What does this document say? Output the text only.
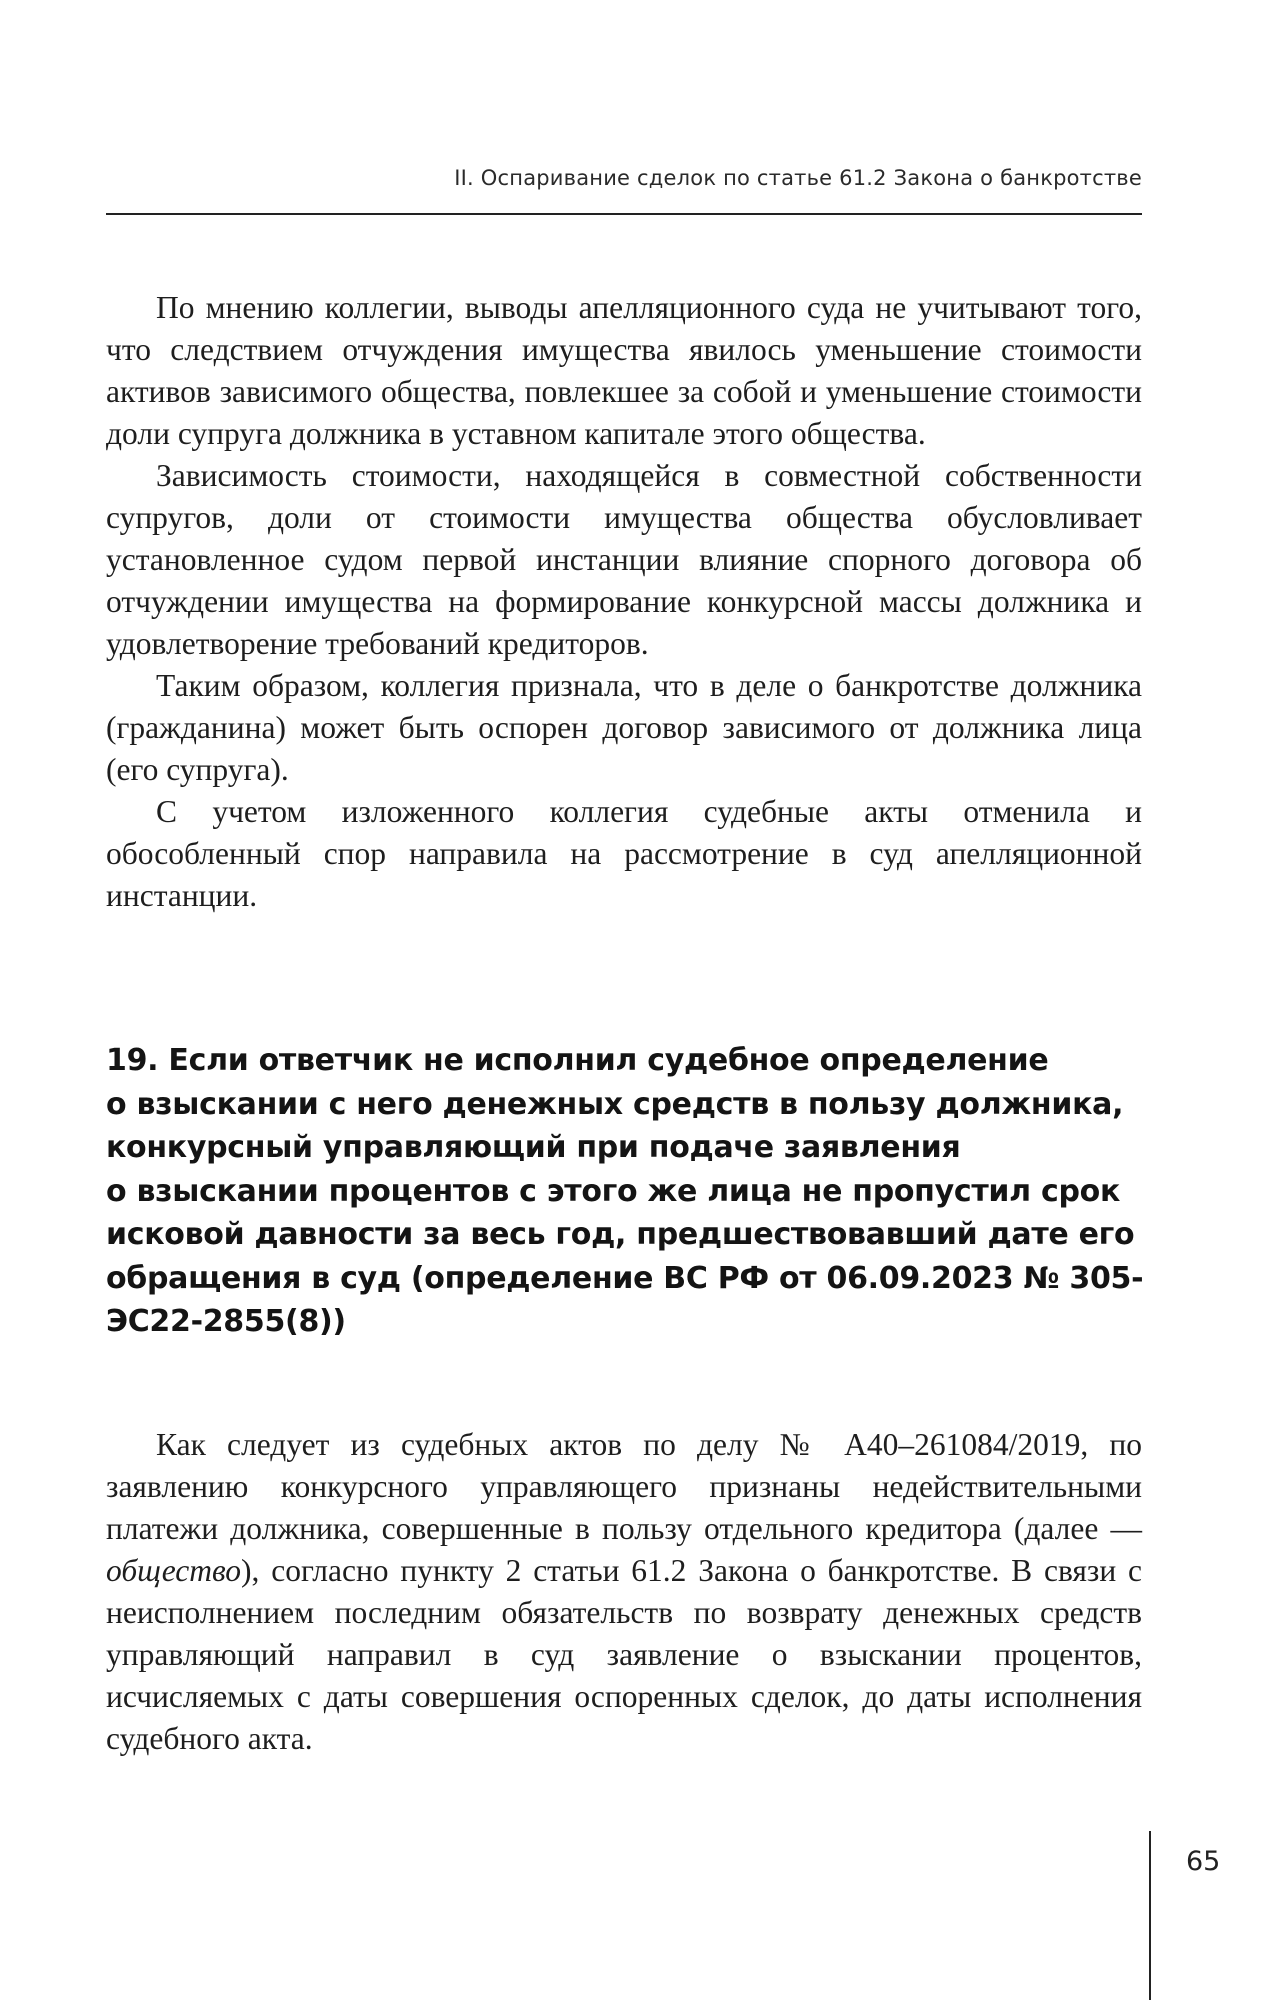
II. Оспаривание сделок по статье 61.2 Закона о банкротстве

По мнению коллегии, выводы апелляционного суда не учитывают того, что следствием отчуждения имущества явилось уменьшение стоимости активов зависимого общества, повлекшее за собой и уменьшение стоимости доли супруга должника в уставном капитале этого общества.

Зависимость стоимости, находящейся в совместной собственности супругов, доли от стоимости имущества общества обусловливает установленное судом первой инстанции влияние спорного договора об отчуждении имущества на формирование конкурсной массы должника и удовлетворение требований кредиторов.

Таким образом, коллегия признала, что в деле о банкротстве должника (гражданина) может быть оспорен договор зависимого от должника лица (его супруга).

С учетом изложенного коллегия судебные акты отменила и обособленный спор направила на рассмотрение в суд апелляционной инстанции.

19. Если ответчик не исполнил судебное определение
о взыскании с него денежных средств в пользу должника,
конкурсный управляющий при подаче заявления
о взыскании процентов с этого же лица не пропустил срок
исковой давности за весь год, предшествовавший дате его
обращения в суд (определение ВС РФ от 06.09.2023 № 305-
ЭС22-2855(8))

Как следует из судебных актов по делу № А40–261084/2019, по заявлению конкурсного управляющего признаны недействительными платежи должника, совершенные в пользу отдельного кредитора (далее — общество), согласно пункту 2 статьи 61.2 Закона о банкротстве. В связи с неисполнением последним обязательств по возврату денежных средств управляющий направил в суд заявление о взыскании процентов, исчисляемых с даты совершения оспоренных сделок, до даты исполнения судебного акта.

65
